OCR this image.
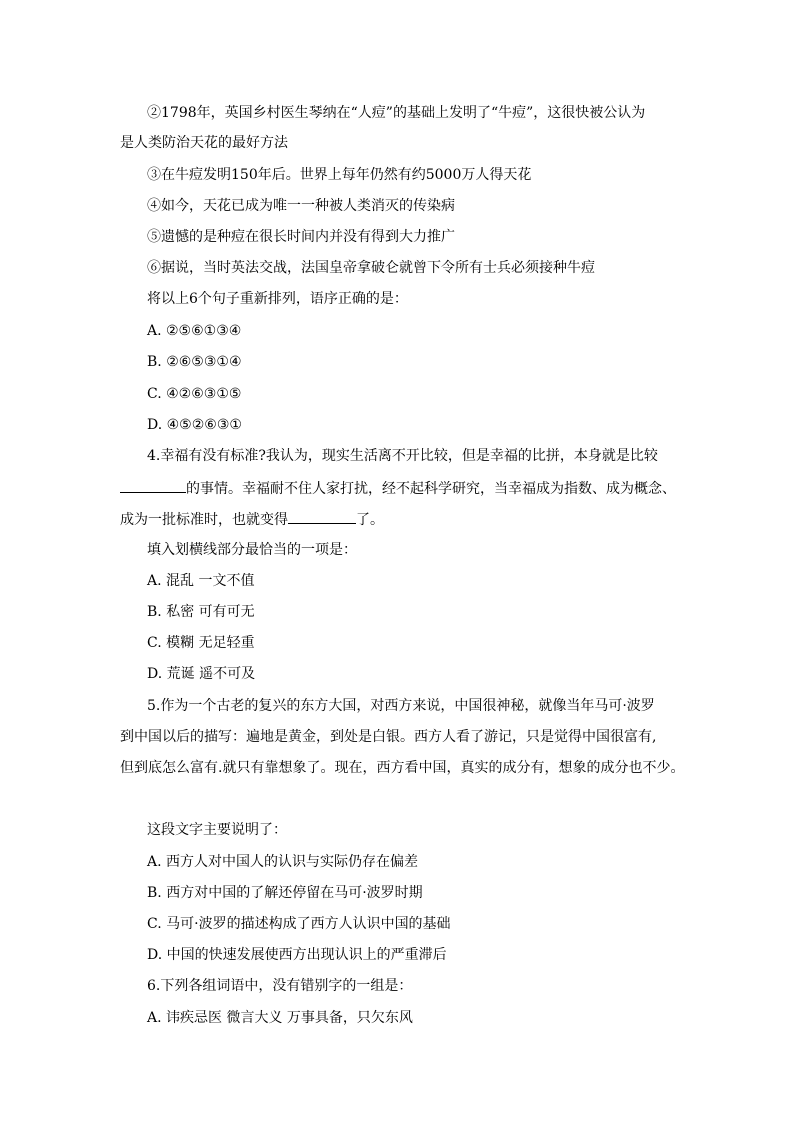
②1798年，英国乡村医生琴纳在“人痘”的基础上发明了“牛痘”，这很快被公认为
是人类防治天花的最好方法
③在牛痘发明150年后。世界上每年仍然有约5000万人得天花
④如今，天花已成为唯一一种被人类消灭的传染病
⑤遗憾的是种痘在很长时间内并没有得到大力推广
⑥据说，当时英法交战，法国皇帝拿破仑就曾下令所有士兵必须接种牛痘
将以上6个句子重新排列，语序正确的是：
A. ②⑤⑥①③④
B. ②⑥⑤③①④
C. ④②⑥③①⑤
D. ④⑤②⑥③①
4.幸福有没有标准?我认为，现实生活离不开比较，但是幸福的比拼，本身就是比较
的事情。幸福耐不住人家打扰，经不起科学研究，当幸福成为指数、成为概念、
成为一批标准时，也就变得	了。
填入划横线部分最恰当的一项是：
A. 混乱 一文不值
B. 私密 可有可无
C. 模糊 无足轻重
D. 荒诞 遥不可及
5.作为一个古老的复兴的东方大国，对西方来说，中国很神秘，就像当年马可·波罗
到中国以后的描写：遍地是黄金，到处是白银。西方人看了游记，只是觉得中国很富有,
但到底怎么富有.就只有靠想象了。现在，西方看中国，真实的成分有，想象的成分也不少。
这段文字主要说明了：
A. 西方人对中国人的认识与实际仍存在偏差
B. 西方对中国的了解还停留在马可·波罗时期
C. 马可·波罗的描述构成了西方人认识中国的基础
D. 中国的快速发展使西方出现认识上的严重滞后
6.下列各组词语中，没有错别字的一组是：
A. 讳疾忌医 微言大义 万事具备，只欠东风
